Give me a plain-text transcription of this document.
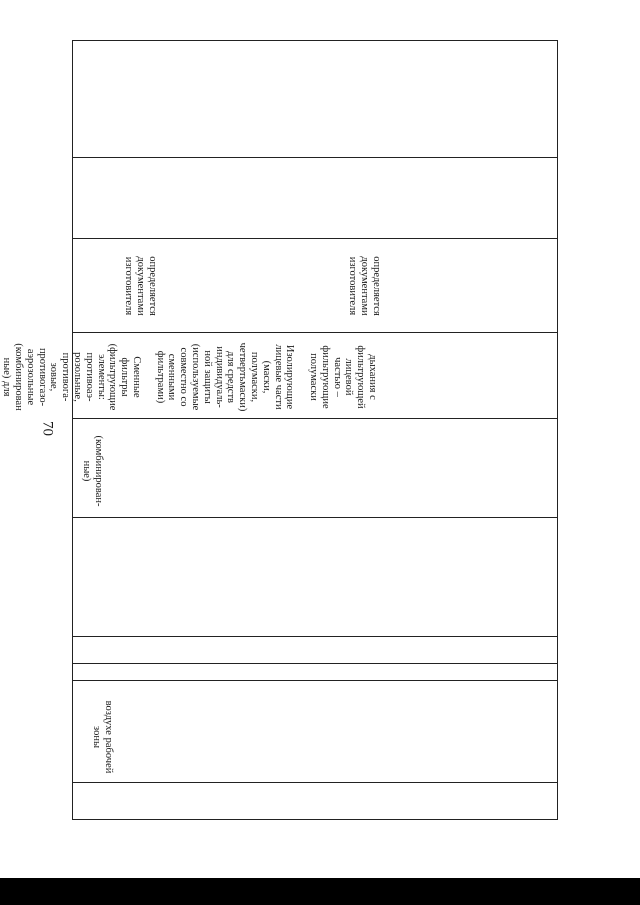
70
воздухе рабочей
зоны
(комбинирован-
ные)
дыхания с
фильтрующей
лицевой
частью –
фильтрующие
полумаски

Изолирующие
лицевые части
(маски,
полумаски,
четвертьмаски)
для средств
индивидуаль-
ной защиты
(используемые
совместно со
сменными
фильтрами)

Сменные
фильтры
(фильтрующие
элементы:
противоаэ-
розольные,
противога-
зовые,
противогазо-
аэрозольные
(комбинирован
ные) для

определяется
документами
изготовителя

определяется
документами
изготовителя
